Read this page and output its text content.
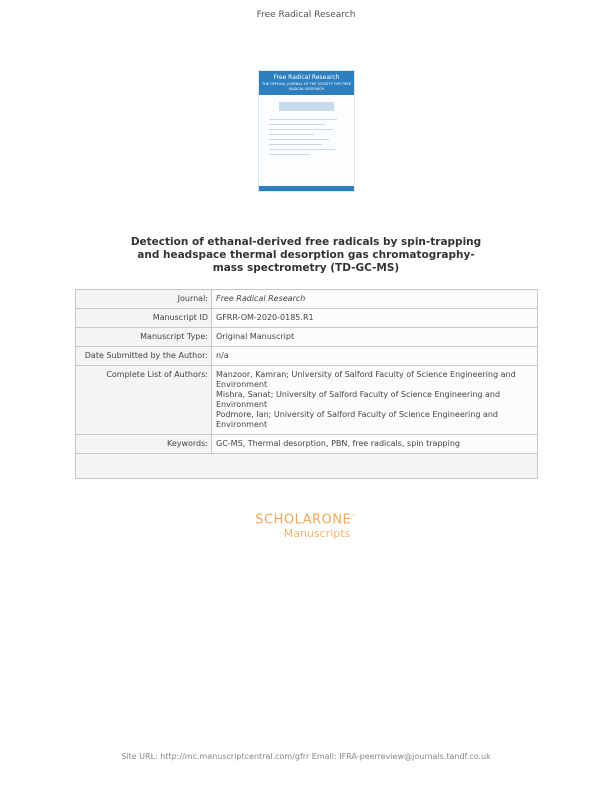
Free Radical Research
Free Radical Research
THE OFFICIAL JOURNAL OF THE SOCIETY FOR FREE RADICAL RESEARCH
Detection of ethanal-derived free radicals by spin-trapping
and headspace thermal desorption gas chromatography-
mass spectrometry (TD-GC-MS)
Journal:	Free Radical Research
Manuscript ID	GFRR-OM-2020-0185.R1
Manuscript Type:	Original Manuscript
Date Submitted by the Author:	n/a
Complete List of Authors:	Manzoor, Kamran; University of Salford Faculty of Science Engineering and Environment
Mishra, Sanat; University of Salford Faculty of Science Engineering and Environment
Podmore, Ian; University of Salford Faculty of Science Engineering and Environment

Keywords:	GC-MS, Thermal desorption, PBN, free radicals, spin trapping

SCHOLARONE™
Manuscripts
Site URL: http://mc.manuscriptcentral.com/gfrr Email: IFRA-peerreview@journals.tandf.co.uk
